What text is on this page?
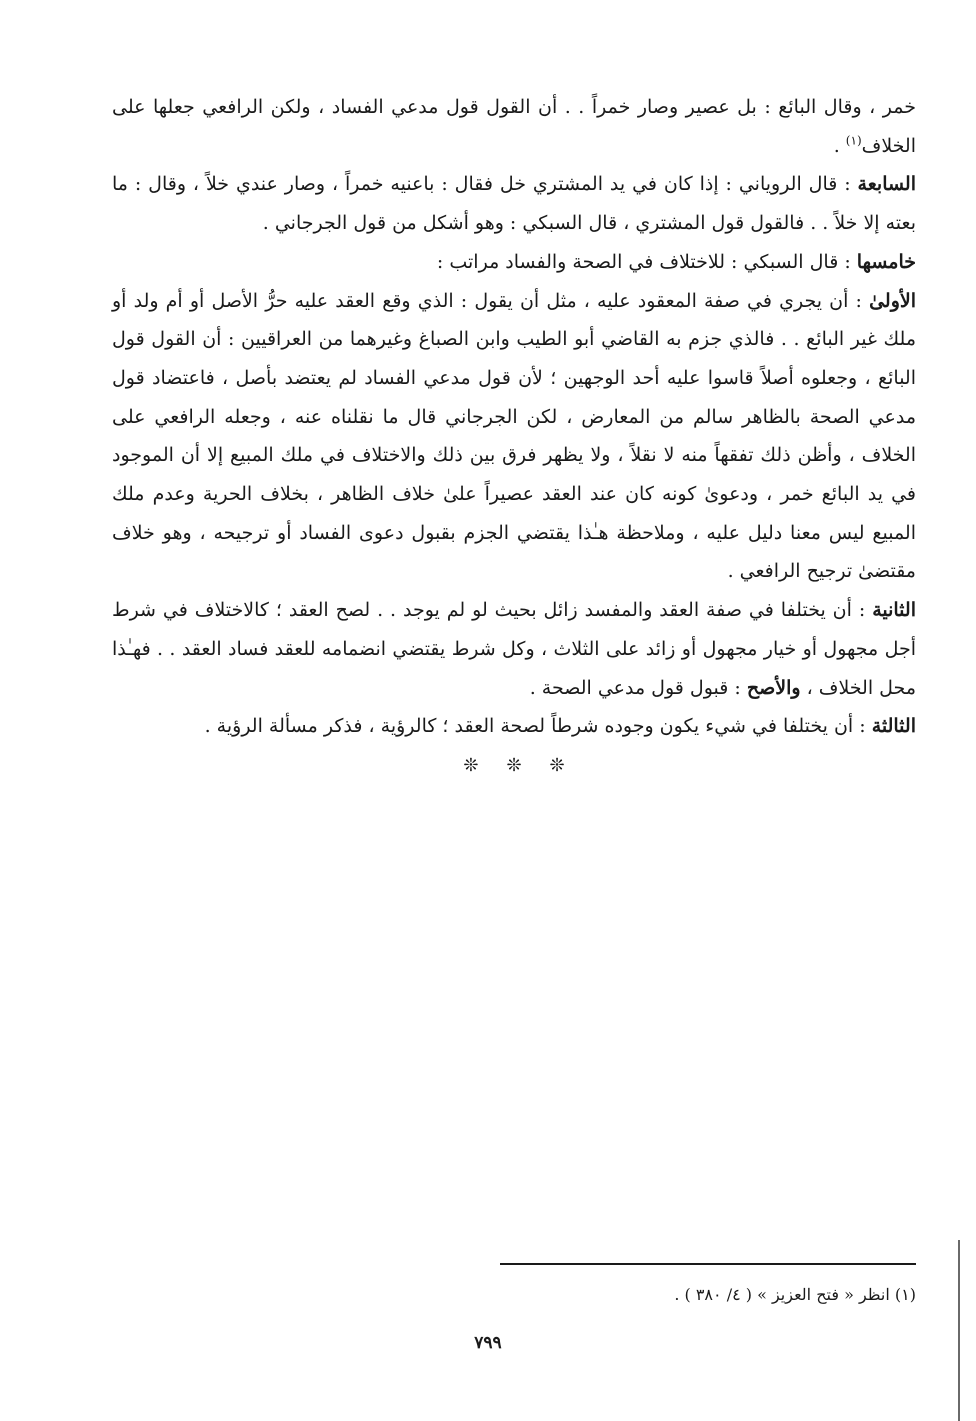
خمر ، وقال البائع : بل عصير وصار خمراً . . أن القول قول مدعي الفساد ، ولكن الرافعي جعلها على الخلاف$^{(١)}$ .

السابعة : قال الروياني : إذا كان في يد المشتري خل فقال : باعنيه خمراً ، وصار عندي خلاً ، وقال : ما بعته إلا خلاً . . فالقول قول المشتري ، قال السبكي : وهو أشكل من قول الجرجاني .

خامسها : قال السبكي : للاختلاف في الصحة والفساد مراتب :

الأولىٰ : أن يجري في صفة المعقود عليه ، مثل أن يقول : الذي وقع العقد عليه حرُّ الأصل أو أم ولد أو ملك غير البائع . . فالذي جزم به القاضي أبو الطيب وابن الصباغ وغيرهما من العراقيين : أن القول قول البائع ، وجعلوه أصلاً قاسوا عليه أحد الوجهين ؛ لأن قول مدعي الفساد لم يعتضد بأصل ، فاعتضاد قول مدعي الصحة بالظاهر سالم من المعارض ، لكن الجرجاني قال ما نقلناه عنه ، وجعله الرافعي على الخلاف ، وأظن ذلك تفقهاً منه لا نقلاً ، ولا يظهر فرق بين ذلك والاختلاف في ملك المبيع إلا أن الموجود في يد البائع خمر ، ودعوىٰ كونه كان عند العقد عصيراً علىٰ خلاف الظاهر ، بخلاف الحرية وعدم ملك المبيع ليس معنا دليل عليه ، وملاحظة هـٰذا يقتضي الجزم بقبول دعوى الفساد أو ترجيحه ، وهو خلاف مقتضىٰ ترجيح الرافعي .

الثانية : أن يختلفا في صفة العقد والمفسد زائل بحيث لو لم يوجد . . لصح العقد ؛ كالاختلاف في شرط أجل مجهول أو خيار مجهول أو زائد على الثلاث ، وكل شرط يقتضي انضمامه للعقد فساد العقد . . فهـٰذا محل الخلاف ، والأصح : قبول قول مدعي الصحة .

الثالثة : أن يختلفا في شيء يكون وجوده شرطاً لصحة العقد ؛ كالرؤية ، فذكر مسألة الرؤية .

❊ ❊ ❊

(١) انظر « فتح العزيز » ( ٤/ ٣٨٠ ) .
٧٩٩
